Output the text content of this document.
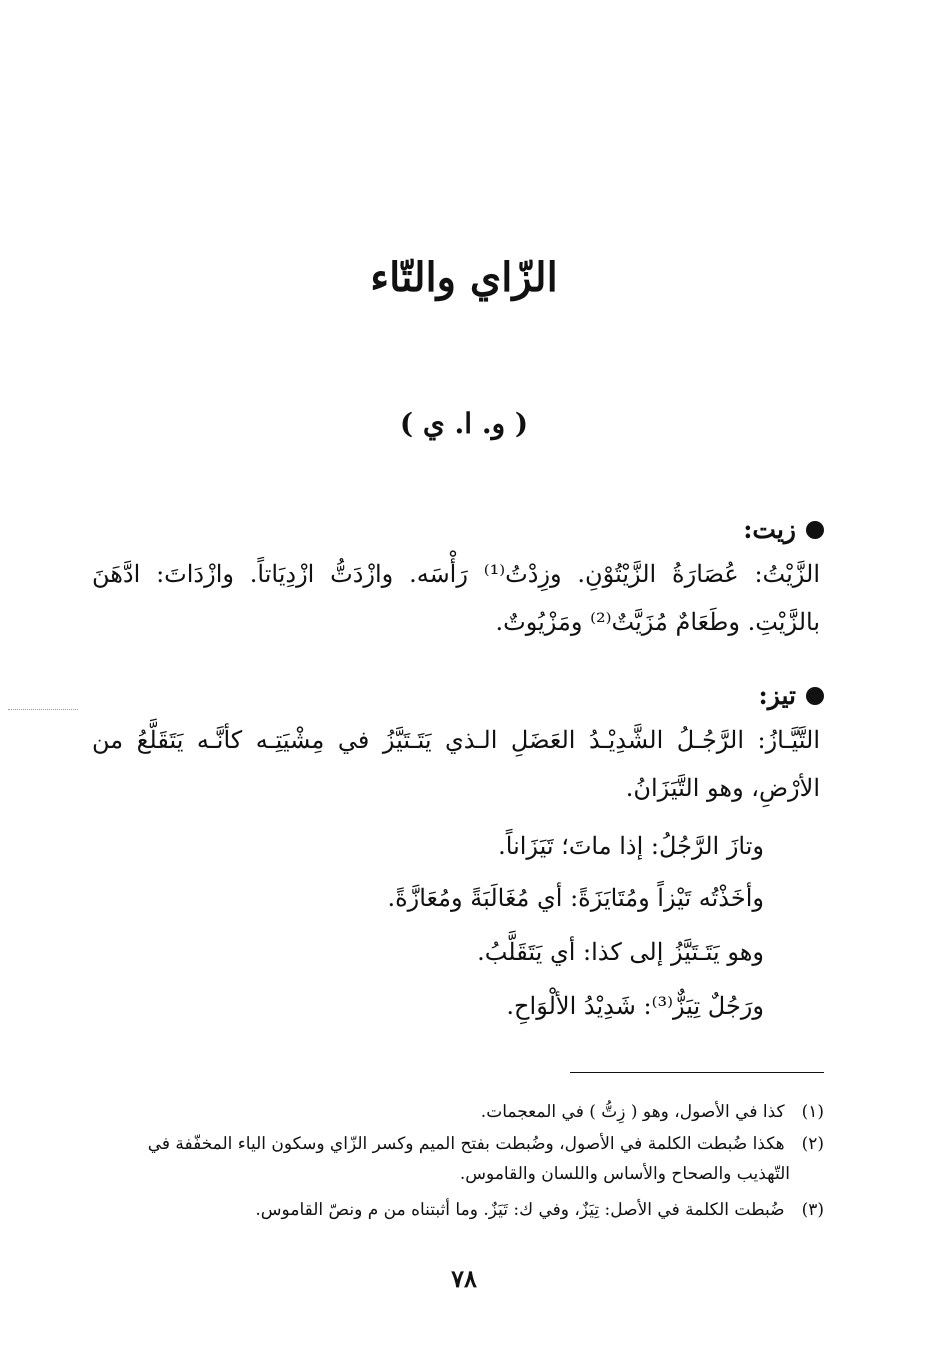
الزّاي والتّاء
( و. ا. ي )
زيت:
الزَّيْتُ: عُصَارَةُ الزَّيْتُوْنِ. وزِدْتُ⁽¹⁾ رَأْسَه. وازْدَتُّ ازْدِيَاتاً. وازْدَاتَ: ادَّهَنَ بالزَّيْتِ. وطَعَامٌ مُزَيَّتٌ⁽²⁾ ومَزْيُوتٌ.
تيز:
التَّيَّـازُ: الرَّجُـلُ الشَّدِيْـدُ العَضَلِ الـذي يَتَـتَيَّزُ في مِشْيَتِـه كأنَّـه يَتَقَلَّعُ من الأرْضِ، وهو التَّيَزَانُ.
وتازَ الرَّجُلُ: إذا ماتَ؛ تَيَزَاناً.
وأخَذْتُه تَيْزاً ومُتَايَزَةً: أي مُغَالَبَةً ومُعَازَّةً.
وهو يَتَـتَيَّزُ إلى كذا: أي يَتَقَلَّبُ.
ورَجُلٌ تِيَزٌّ⁽³⁾: شَدِيْدُ الألْوَاحِ.
(١) كذا في الأصول، وهو ( زِتُّ ) في المعجمات.
(٢) هكذا ضُبطت الكلمة في الأصول، وضُبطت بفتح الميم وكسر الزّاي وسكون الياء المخفّفة في
التّهذيب والصحاح والأساس واللسان والقاموس.
(٣) ضُبطت الكلمة في الأصل: تِيَزٌ، وفي ك: تَيَزٌ. وما أثبتناه من م ونصّ القاموس.
٧٨
